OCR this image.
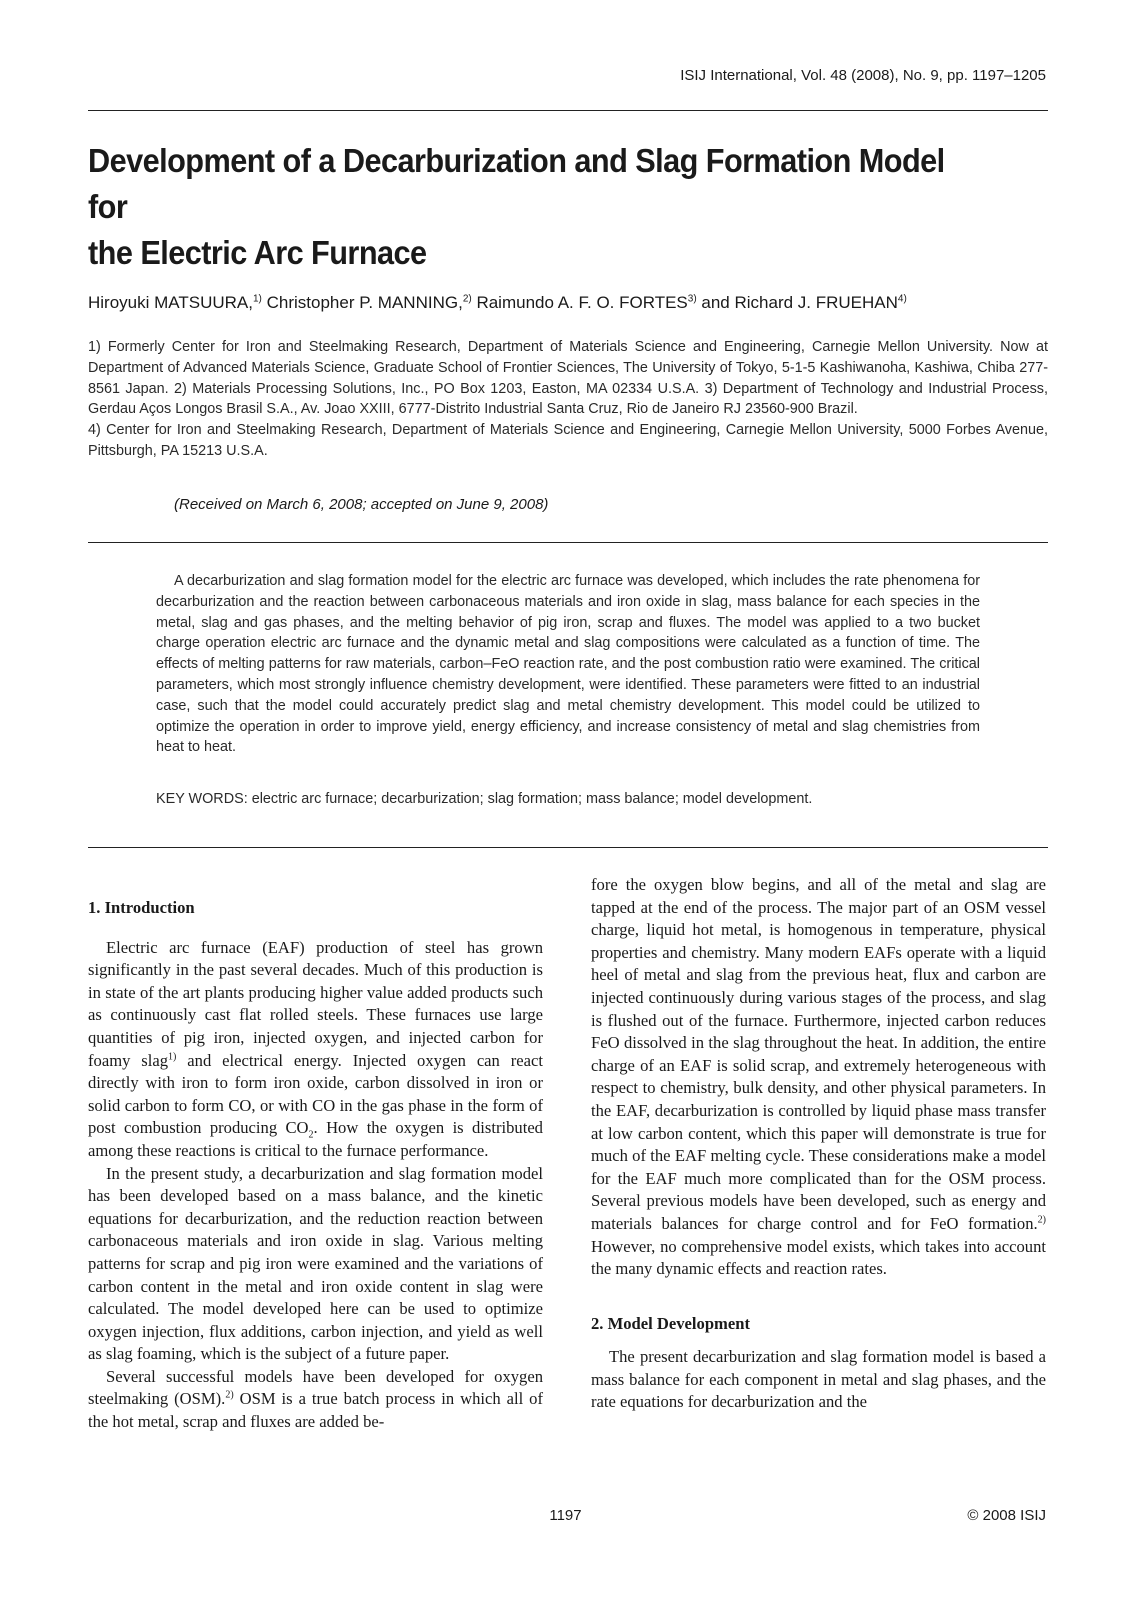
ISIJ International, Vol. 48 (2008), No. 9, pp. 1197–1205
Development of a Decarburization and Slag Formation Model for
the Electric Arc Furnace
Hiroyuki MATSUURA,$^{1)}$ Christopher P. MANNING,$^{2)}$ Raimundo A. F. O. FORTES$^{3)}$ and Richard J. FRUEHAN$^{4)}$

1) Formerly Center for Iron and Steelmaking Research, Department of Materials Science and Engineering, Carnegie Mellon University. Now at Department of Advanced Materials Science, Graduate School of Frontier Sciences, The University of Tokyo, 5-1-5 Kashiwanoha, Kashiwa, Chiba 277-8561 Japan. 2) Materials Processing Solutions, Inc., PO Box 1203, Easton, MA 02334 U.S.A. 3) Department of Technology and Industrial Process, Gerdau Aços Longos Brasil S.A., Av. Joao XXIII, 6777-Distrito Industrial Santa Cruz, Rio de Janeiro RJ 23560-900 Brazil.

4) Center for Iron and Steelmaking Research, Department of Materials Science and Engineering, Carnegie Mellon University, 5000 Forbes Avenue, Pittsburgh, PA 15213 U.S.A.

(Received on March 6, 2008; accepted on June 9, 2008)

A decarburization and slag formation model for the electric arc furnace was developed, which includes the rate phenomena for decarburization and the reaction between carbonaceous materials and iron oxide in slag, mass balance for each species in the metal, slag and gas phases, and the melting behavior of pig iron, scrap and fluxes. The model was applied to a two bucket charge operation electric arc furnace and the dynamic metal and slag compositions were calculated as a function of time. The effects of melting patterns for raw materials, carbon–FeO reaction rate, and the post combustion ratio were examined. The critical parameters, which most strongly influence chemistry development, were identified. These parameters were fitted to an industrial case, such that the model could accurately predict slag and metal chemistry development. This model could be utilized to optimize the operation in order to improve yield, energy efficiency, and increase consistency of metal and slag chemistries from heat to heat.

KEY WORDS: electric arc furnace; decarburization; slag formation; mass balance; model development.

1. Introduction

Electric arc furnace (EAF) production of steel has grown significantly in the past several decades. Much of this production is in state of the art plants producing higher value added products such as continuously cast flat rolled steels. These furnaces use large quantities of pig iron, injected oxygen, and injected carbon for foamy slag$^{1)}$ and electrical energy. Injected oxygen can react directly with iron to form iron oxide, carbon dissolved in iron or solid carbon to form CO, or with CO in the gas phase in the form of post combustion producing $CO_2$. How the oxygen is distributed among these reactions is critical to the furnace performance.

In the present study, a decarburization and slag formation model has been developed based on a mass balance, and the kinetic equations for decarburization, and the reduction reaction between carbonaceous materials and iron oxide in slag. Various melting patterns for scrap and pig iron were examined and the variations of carbon content in the metal and iron oxide content in slag were calculated. The model developed here can be used to optimize oxygen injection, flux additions, carbon injection, and yield as well as slag foaming, which is the subject of a future paper.

Several successful models have been developed for oxygen steelmaking (OSM).$^{2)}$ OSM is a true batch process in which all of the hot metal, scrap and fluxes are added be-

fore the oxygen blow begins, and all of the metal and slag are tapped at the end of the process. The major part of an OSM vessel charge, liquid hot metal, is homogenous in temperature, physical properties and chemistry. Many modern EAFs operate with a liquid heel of metal and slag from the previous heat, flux and carbon are injected continuously during various stages of the process, and slag is flushed out of the furnace. Furthermore, injected carbon reduces FeO dissolved in the slag throughout the heat. In addition, the entire charge of an EAF is solid scrap, and extremely heterogeneous with respect to chemistry, bulk density, and other physical parameters. In the EAF, decarburization is controlled by liquid phase mass transfer at low carbon content, which this paper will demonstrate is true for much of the EAF melting cycle. These considerations make a model for the EAF much more complicated than for the OSM process. Several previous models have been developed, such as energy and materials balances for charge control and for FeO formation.$^{2)}$ However, no comprehensive model exists, which takes into account the many dynamic effects and reaction rates.

2. Model Development

The present decarburization and slag formation model is based a mass balance for each component in metal and slag phases, and the rate equations for decarburization and the

1197	© 2008 ISIJ
